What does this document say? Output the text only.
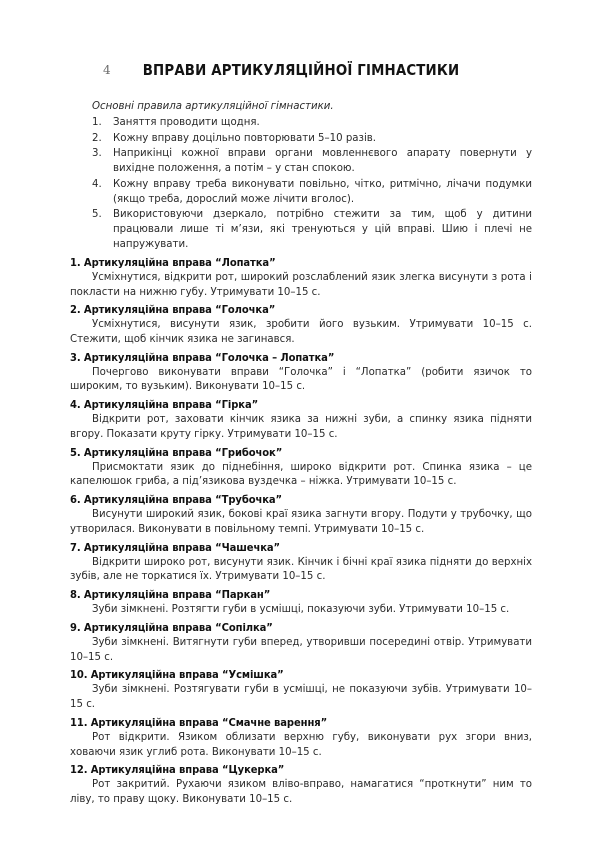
4	ВПРАВИ АРТИКУЛЯЦІЙНОЇ ГІМНАСТИКИ
Основні правила артикуляційної гімнастики.
1.	Заняття проводити щодня.
2.	Кожну вправу доцільно повторювати 5–10 разів.
3.	Наприкінці кожної вправи органи мовленнєвого апарату повернути у вихідне положення, а потім – у стан спокою.
4.	Кожну вправу треба виконувати повільно, чітко, ритмічно, лічачи подумки (якщо треба, дорослий може лічити вголос).
5.	Використовуючи дзеркало, потрібно стежити за тим, щоб у дитини працювали лише ті м’язи, які тренуються у цій вправі. Шию і плечі не напружувати.
1. Артикуляційна вправа “Лопатка”
Усміхнутися, відкрити рот, широкий розслаблений язик злегка висунути з рота і покласти на нижню губу. Утримувати 10–15 с.
2. Артикуляційна вправа “Голочка”
Усміхнутися, висунути язик, зробити його вузьким. Утримувати 10–15 с. Стежити, щоб кінчик язика не загинався.
3. Артикуляційна вправа “Голочка – Лопатка”
Почергово виконувати вправи “Голочка” і “Лопатка” (робити язичок то широким, то вузьким). Виконувати 10–15 с.
4. Артикуляційна вправа “Гірка”
Відкрити рот, заховати кінчик язика за нижні зуби, а спинку язика підняти вгору. Показати круту гірку. Утримувати 10–15 с.
5. Артикуляційна вправа “Грибочок”
Присмоктати язик до піднебіння, широко відкрити рот. Спинка язика – це капелюшок гриба, а під’язикова вуздечка – ніжка. Утримувати 10–15 с.
6. Артикуляційна вправа “Трубочка”
Висунути широкий язик, бокові краї язика загнути вгору. Подути у трубочку, що утворилася. Виконувати в повільному темпі. Утримувати 10–15 с.
7. Артикуляційна вправа “Чашечка”
Відкрити широко рот, висунути язик. Кінчик і бічні краї язика підняти до верхніх зубів, але не торкатися їх. Утримувати 10–15 с.
8. Артикуляційна вправа “Паркан”
Зуби зімкнені. Розтягти губи в усмішці, показуючи зуби. Утримувати 10–15 с.
9. Артикуляційна вправа “Сопілка”
Зуби зімкнені. Витягнути губи вперед, утворивши посередині отвір. Утримувати 10–15 с.
10. Артикуляційна вправа “Усмішка”
Зуби зімкнені. Розтягувати губи в усмішці, не показуючи зубів. Утримувати 10–15 с.
11. Артикуляційна вправа “Смачне варення”
Рот відкрити. Язиком облизати верхню губу, виконувати рух згори вниз, ховаючи язик углиб рота. Виконувати 10–15 с.
12. Артикуляційна вправа “Цукерка”
Рот закритий. Рухаючи язиком вліво-вправо, намагатися “проткнути” ним то ліву, то праву щоку. Виконувати 10–15 с.
